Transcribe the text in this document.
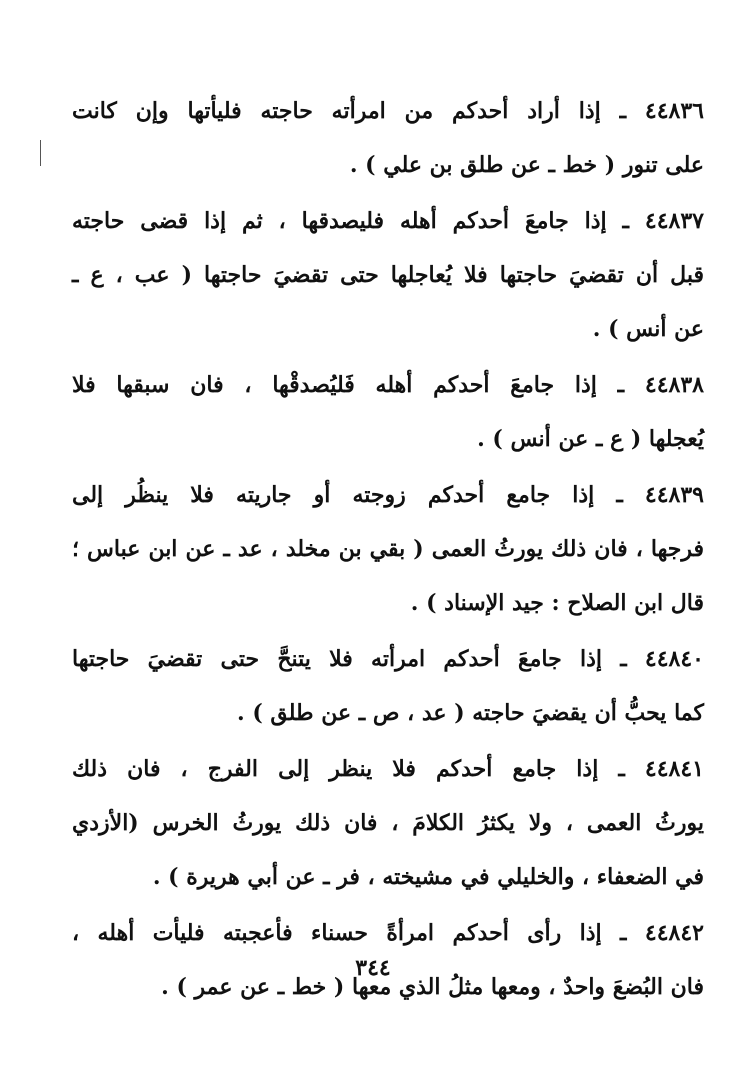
٤٤٨٣٦ ـ إذا أراد أحدكم من امرأته حاجته فليأتها وإن كانت
على تنور ( خط ـ عن طلق بن علي ) .
٤٤٨٣٧ ـ إذا جامعَ أحدكم أهله فليصدقها ، ثم إذا قضى حاجته
قبل أن تقضيَ حاجتها فلا يُعاجلها حتى تقضيَ حاجتها ( عب ، ع ـ
عن أنس ) .
٤٤٨٣٨ ـ إذا جامعَ أحدكم أهله فَليُصدقْها ، فان سبقها فلا
يُعجلها ( ع ـ عن أنس ) .
٤٤٨٣٩ ـ إذا جامع أحدكم زوجته أو جاريته فلا ينظُر إلى
فرجها ، فان ذلك يورثُ العمى ( بقي بن مخلد ، عد ـ عن ابن عباس ؛
قال ابن الصلاح : جيد الإسناد ) .
٤٤٨٤٠ ـ إذا جامعَ أحدكم امرأته فلا يتنحَّ حتى تقضيَ حاجتها
كما يحبُّ أن يقضيَ حاجته ( عد ، ص ـ عن طلق ) .
٤٤٨٤١ ـ إذا جامع أحدكم فلا ينظر إلى الفرج ، فان ذلك
يورثُ العمى ، ولا يكثرُ الكلامَ ، فان ذلك يورثُ الخرس (الأزدي
في الضعفاء ، والخليلي في مشيخته ، فر ـ عن أبي هريرة ) .
٤٤٨٤٢ ـ إذا رأى أحدكم امرأةً حسناء فأعجبته فليأت أهله ،
فان البُضعَ واحدٌ ، ومعها مثلُ الذي معها ( خط ـ عن عمر ) .
٣٤٤
